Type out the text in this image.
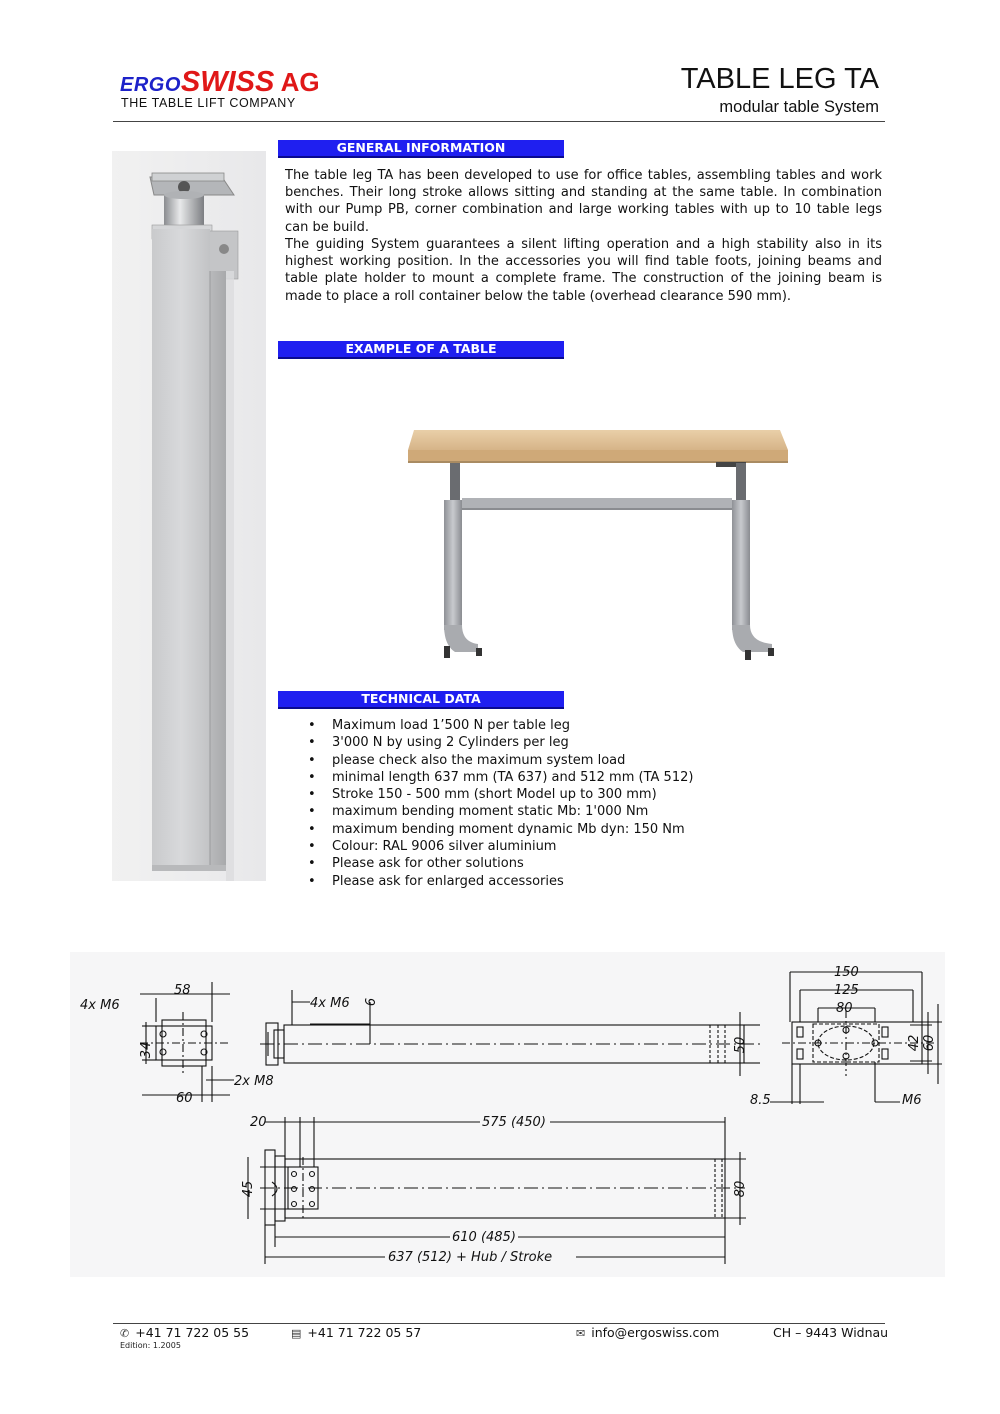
ERGOSWISS AG
THE TABLE LIFT COMPANY
TABLE LEG TA
modular table System
GENERAL INFORMATION

The table leg TA has been developed to use for office tables, assembling tables and work benches. Their long stroke allows sitting and standing at the same table. In combination with our Pump PB, corner combination and large working tables with up to 10 table legs can be build.

The guiding System guarantees a silent lifting operation and a high stability also in its highest working position. In the accessories you will find table foots, joining beams and table plate holder to mount a complete frame. The construction of the joining beam is made to place a roll container below the table (overhead clearance 590 mm).

EXAMPLE OF A TABLE
TECHNICAL DATA
• Maximum load 1’500 N per table leg
• 3'000 N by using 2 Cylinders per leg
• please check also the maximum system load
• minimal length 637 mm (TA 637) and 512 mm (TA 512)
• Stroke 150 - 500 mm (short Model up to 300 mm)
• maximum bending moment static Mb: 1'000 Nm
• maximum bending moment dynamic Mb dyn: 150 Nm
• Colour: RAL 9006 silver aluminium
• Please ask for other solutions
• Please ask for enlarged accessories
4x M6
58
34
2x M8
60
4x M6 6
50
150
125
80
42 60
8.5	M6
20	575 (450)
45	80
610 (485)
637 (512) + Hub / Stroke
✆ +41 71 722 05 55	▤ +41 71 722 05 57	✉ info@ergoswiss.com	CH – 9443 Widnau
Edition: 1.2005
